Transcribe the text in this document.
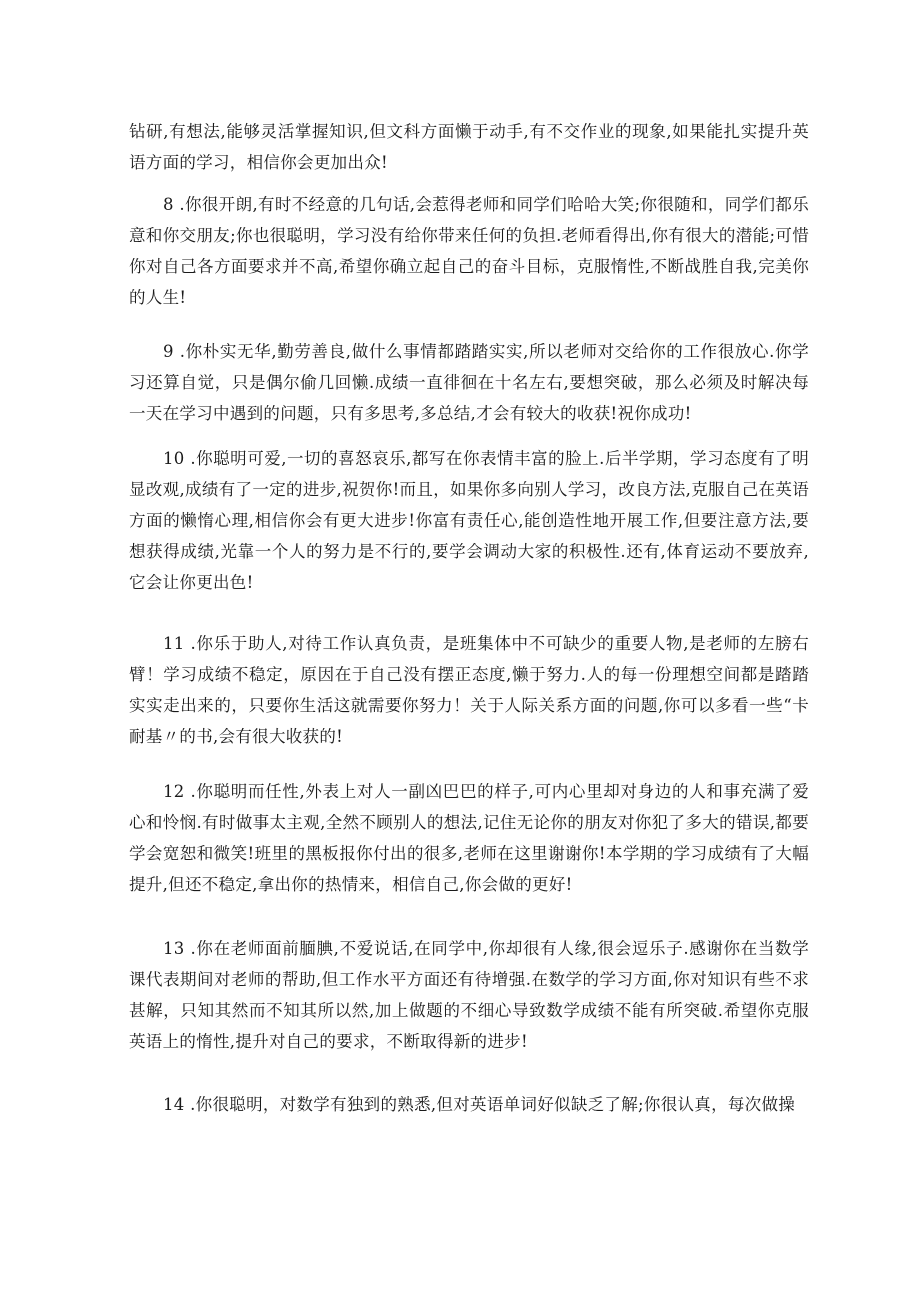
钻研,有想法,能够灵活掌握知识,但文科方面懒于动手,有不交作业的现象,如果能扎实提升英语方面的学习，相信你会更加出众!

8 .你很开朗,有时不经意的几句话,会惹得老师和同学们哈哈大笑;你很随和，同学们都乐意和你交朋友;你也很聪明，学习没有给你带来任何的负担.老师看得出,你有很大的潜能;可惜你对自己各方面要求并不高,希望你确立起自己的奋斗目标，克服惰性,不断战胜自我,完美你的人生!

9 .你朴实无华,勤劳善良,做什么事情都踏踏实实,所以老师对交给你的工作很放心.你学习还算自觉，只是偶尔偷几回懒.成绩一直徘徊在十名左右,要想突破，那么必须及时解决每一天在学习中遇到的问题，只有多思考,多总结,才会有较大的收获!祝你成功!

10 .你聪明可爱,一切的喜怒哀乐,都写在你表情丰富的脸上.后半学期，学习态度有了明显改观,成绩有了一定的进步,祝贺你!而且，如果你多向别人学习，改良方法,克服自己在英语方面的懒惰心理,相信你会有更大进步!你富有责任心,能创造性地开展工作,但要注意方法,要想获得成绩,光靠一个人的努力是不行的,要学会调动大家的积极性.还有,体育运动不要放弃,它会让你更出色!

11 .你乐于助人,对待工作认真负责，是班集体中不可缺少的重要人物,是老师的左膀右臂！学习成绩不稳定，原因在于自己没有摆正态度,懒于努力.人的每一份理想空间都是踏踏实实走出来的，只要你生活这就需要你努力！关于人际关系方面的问题,你可以多看一些“卡耐基〃的书,会有很大收获的!

12 .你聪明而任性,外表上对人一副凶巴巴的样子,可内心里却对身边的人和事充满了爱心和怜悯.有时做事太主观,全然不顾别人的想法,记住无论你的朋友对你犯了多大的错误,都要学会宽恕和微笑!班里的黑板报你付出的很多,老师在这里谢谢你!本学期的学习成绩有了大幅提升,但还不稳定,拿出你的热情来，相信自己,你会做的更好!

13 .你在老师面前腼腆,不爱说话,在同学中,你却很有人缘,很会逗乐子.感谢你在当数学课代表期间对老师的帮助,但工作水平方面还有待增强.在数学的学习方面,你对知识有些不求甚解，只知其然而不知其所以然,加上做题的不细心导致数学成绩不能有所突破.希望你克服英语上的惰性,提升对自己的要求，不断取得新的进步!

14 .你很聪明，对数学有独到的熟悉,但对英语单词好似缺乏了解;你很认真，每次做操
